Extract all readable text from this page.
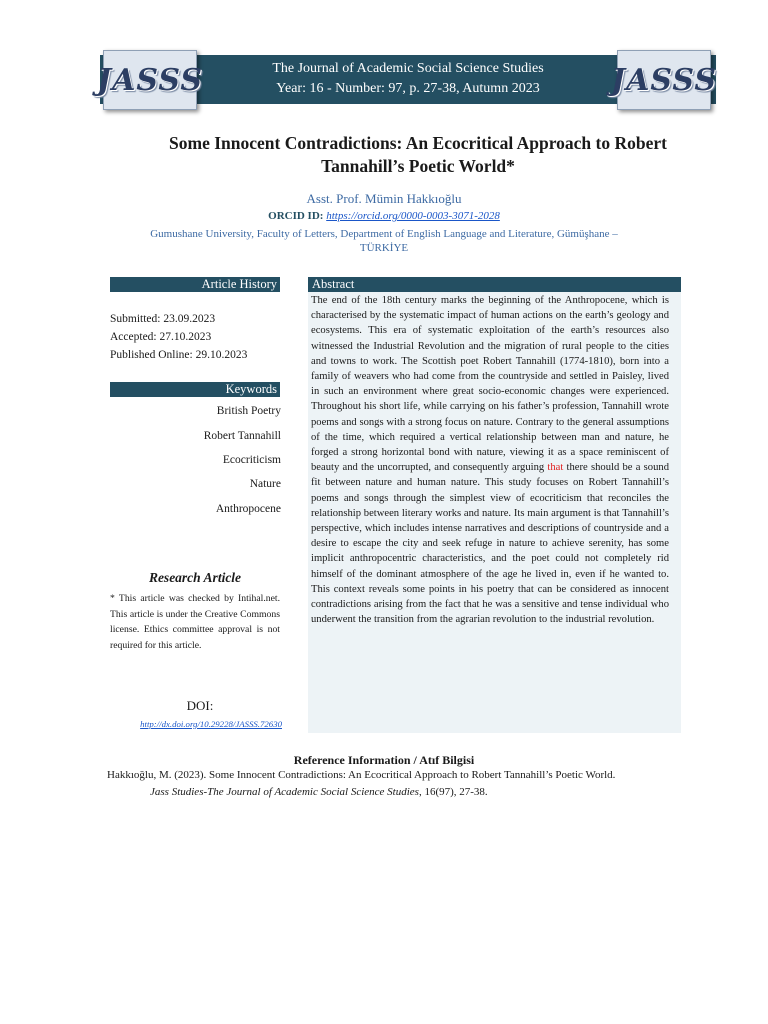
JASSS	JASSS
The Journal of Academic Social Science Studies
Year: 16 - Number: 97, p. 27-38, Autumn 2023
Some Innocent Contradictions: An Ecocritical Approach to Robert
Tannahill’s Poetic World*
Asst. Prof. Mümin Hakkıoğlu
ORCID ID: https://orcid.org/0000-0003-3071-2028
Gumushane University, Faculty of Letters, Department of English Language and Literature, Gümüşhane –
TÜRKİYE
Article History
Submitted: 23.09.2023
Accepted: 27.10.2023
Published Online: 29.10.2023
Keywords
British Poetry
Robert Tannahill
Ecocriticism
Nature
Anthropocene
Research Article
* This article was checked by Intihal.net. This article is under the Creative Commons license. Ethics committee approval is not required for this article.
DOI:
http://dx.doi.org/10.29228/JASSS.72630
Abstract
The end of the 18th century marks the beginning of the Anthropocene, which is characterised by the systematic impact of human actions on the earth’s geology and ecosystems. This era of systematic exploitation of the earth’s resources also witnessed the Industrial Revolution and the migration of rural people to the cities and towns to work. The Scottish poet Robert Tannahill (1774-1810), born into a family of weavers who had come from the countryside and settled in Paisley, lived in such an environment where great socio-economic changes were experienced. Throughout his short life, while carrying on his father’s profession, Tannahill wrote poems and songs with a strong focus on nature. Contrary to the general assumptions of the time, which required a vertical relationship between man and nature, he forged a strong horizontal bond with nature, viewing it as a space reminiscent of beauty and the uncorrupted, and consequently arguing that there should be a sound fit between nature and human nature. This study focuses on Robert Tannahill’s poems and songs through the simplest view of ecocriticism that reconciles the relationship between literary works and nature. Its main argument is that Tannahill’s perspective, which includes intense narratives and descriptions of countryside and a desire to escape the city and seek refuge in nature to achieve serenity, has some implicit anthropocentric characteristics, and the poet could not completely rid himself of the dominant atmosphere of the age he lived in, even if he wanted to. This context reveals some points in his poetry that can be considered as innocent contradictions arising from the fact that he was a sensitive and tense individual who underwent the transition from the agrarian revolution to the industrial revolution.
Reference Information / Atıf Bilgisi
Hakkıoğlu, M. (2023). Some Innocent Contradictions: An Ecocritical Approach to Robert Tannahill’s Poetic World.
Jass Studies-The Journal of Academic Social Science Studies, 16(97), 27-38.
